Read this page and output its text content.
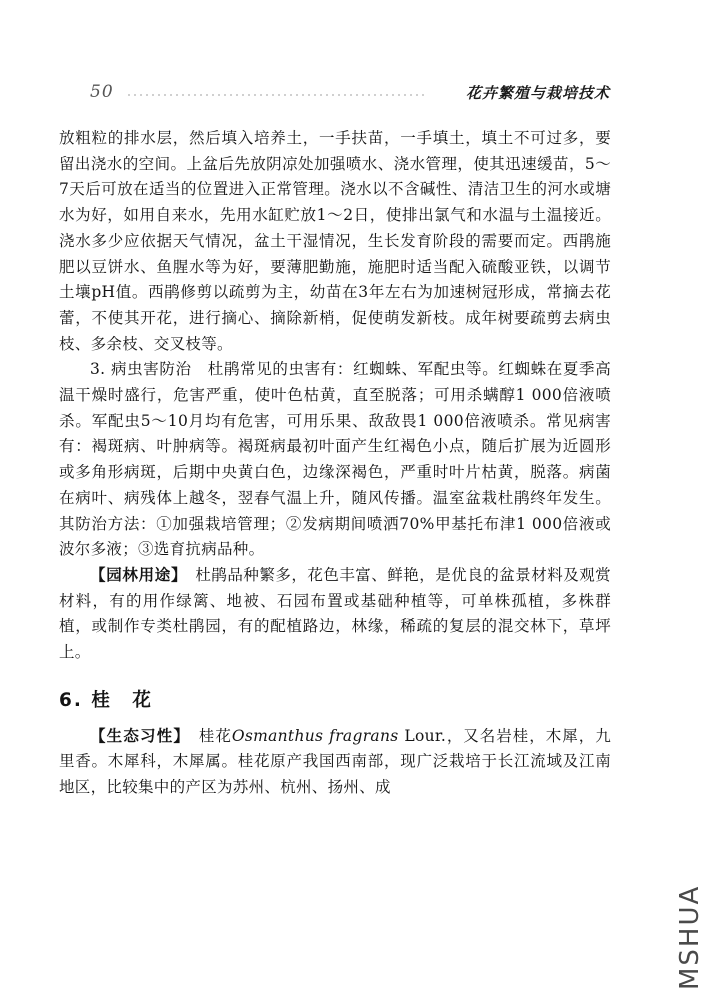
50	花卉繁殖与栽培技术

放粗粒的排水层，然后填入培养土，一手扶苗，一手填土，填土不可过多，要留出浇水的空间。上盆后先放阴凉处加强喷水、浇水管理，使其迅速缓苗，5～7天后可放在适当的位置进入正常管理。浇水以不含碱性、清洁卫生的河水或塘水为好，如用自来水，先用水缸贮放1～2日，使排出氯气和水温与土温接近。浇水多少应依据天气情况，盆土干湿情况，生长发育阶段的需要而定。西鹃施肥以豆饼水、鱼腥水等为好，要薄肥勤施，施肥时适当配入硫酸亚铁，以调节土壤pH值。西鹃修剪以疏剪为主，幼苗在3年左右为加速树冠形成，常摘去花蕾，不使其开花，进行摘心、摘除新梢，促使萌发新枝。成年树要疏剪去病虫枝、多余枝、交叉枝等。

3. 病虫害防治　杜鹃常见的虫害有：红蜘蛛、军配虫等。红蜘蛛在夏季高温干燥时盛行，危害严重，使叶色枯黄，直至脱落；可用杀螨醇1 000倍液喷杀。军配虫5～10月均有危害，可用乐果、敌敌畏1 000倍液喷杀。常见病害有：褐斑病、叶肿病等。褐斑病最初叶面产生红褐色小点，随后扩展为近圆形或多角形病斑，后期中央黄白色，边缘深褐色，严重时叶片枯黄，脱落。病菌在病叶、病残体上越冬，翌春气温上升，随风传播。温室盆栽杜鹃终年发生。其防治方法：①加强栽培管理；②发病期间喷洒70%甲基托布津1 000倍液或波尔多液；③选育抗病品种。

【园林用途】　杜鹃品种繁多，花色丰富、鲜艳，是优良的盆景材料及观赏材料，有的用作绿篱、地被、石园布置或基础种植等，可单株孤植，多株群植，或制作专类杜鹃园，有的配植路边，林缘，稀疏的复层的混交林下，草坪上。

6. 桂　花

【生态习性】　桂花Osmanthus fragrans Lour.，又名岩桂，木犀，九里香。木犀科，木犀属。桂花原产我国西南部，现广泛栽培于长江流域及江南地区，比较集中的产区为苏州、杭州、扬州、成

MSHUA
